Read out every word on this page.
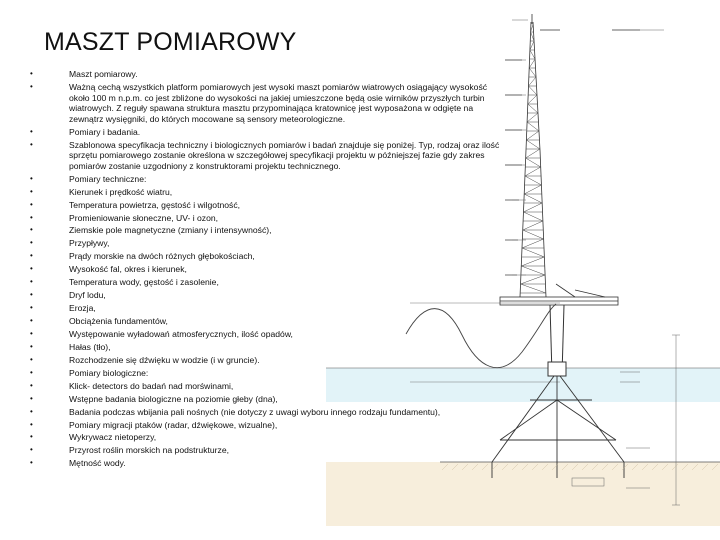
MASZT POMIAROWY
• Maszt pomiarowy.
• Ważną cechą wszystkich platform pomiarowych jest wysoki maszt pomiarów wiatrowych osiągający wysokość około 100 m n.p.m. co jest zbliżone do wysokości na jakiej umieszczone będą osie wirników przyszłych turbin wiatrowych. Z reguły spawana struktura masztu przypominająca kratownicę jest wyposażona w odgięte na zewnątrz wysięgniki, do których mocowane są sensory meteorologiczne.
• Pomiary i badania.
• Szablonowa specyfikacja techniczny i biologicznych pomiarów i badań znajduje się poniżej. Typ, rodzaj oraz ilość sprzętu pomiarowego zostanie określona w szczegółowej specyfikacji projektu w późniejszej fazie gdy zakres pomiarów zostanie uzgodniony z konstruktorami projektu technicznego.
• Pomiary techniczne:
• Kierunek i prędkość wiatru,
• Temperatura powietrza, gęstość i wilgotność,
• Promieniowanie słoneczne, UV- i ozon,
• Ziemskie pole magnetyczne (zmiany i intensywność),
• Przypływy,
• Prądy morskie na dwóch różnych głębokościach,
• Wysokość fal, okres i kierunek,
• Temperatura wody, gęstość i zasolenie,
• Dryf lodu,
• Erozja,
• Obciążenia fundamentów,
• Występowanie wyładowań atmosferycznych, ilość opadów,
• Hałas (tło),
• Rozchodzenie się dźwięku w wodzie (i w gruncie).
• Pomiary biologiczne:
• Klick- detectors do badań nad morświnami,
• Wstępne badania biologiczne na poziomie głeby (dna),
• Badania podczas wbijania pali nośnych (nie dotyczy z uwagi wyboru innego rodzaju fundamentu),
• Pomiary migracji ptaków (radar, dźwiękowe, wizualne),
• Wykrywacz nietoperzy,
• Przyrost roślin morskich na podstrukturze,
• Mętność wody.
